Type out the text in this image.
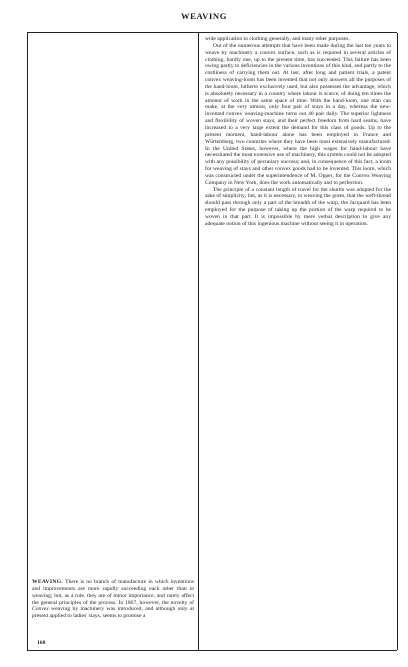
WEAVING

wide application to clothing generally, and many other purposes.

Out of the numerous attempts that have been made during the last ten years to weave by machinery a convex surface, such as is required in several articles of clothing, hardly one, up to the present time, has succeeded. This failure has been owing partly to deficiencies in the various inventions of this kind, and partly to the costliness of carrying them out. At last, after long and patient trials, a patent convex weaving-loom has been invented that not only answers all the purposes of the hand-loom, hitherto exclusively used, but also possesses the advantage, which is absolutely necessary in a country where labour is scarce, of doing ten times the amount of work in the same space of time. With the hand-loom, one man can make, at the very utmost, only four pair of stays in a day, whereas the new-invented convex weaving-machine turns out 40 pair daily. The superior lightness and flexibility of woven stays, and their perfect freedom from hard seams, have increased to a very large extent the demand for this class of goods. Up to the present moment, hand-labour alone has been employed in France and Würtemberg, two countries where they have been most extensively manufactured. In the United States, however, where the high wages for hand-labour have necessitated the most extensive use of machinery, this system could not be adopted with any possibility of pecuniary success; and, in consequence of this fact, a loom for weaving of stays and other convex goods had to be invented. This loom, which was constructed under the superintendence of M. Opper, for the Convex Weaving Company in New York, does the work automatically and to perfection.

The principle of a constant length of travel for the shuttle was adopted for the sake of simplicity; but, as it is necessary, in weaving the gores, that the weft-thread should pass through only a part of the breadth of the warp, the Jacquard has been employed for the purpose of taking up the portion of the warp required to be woven in that part. It is impossible by mere verbal description to give any adequate notion of this ingenious machine without seeing it in operation.

WEAVING. There is no branch of manufacture in which inventions and improvements are more rapidly succeeding each other than in weaving; but, as a rule, they are of minor importance, and rarely affect the general principles of the process. In 1867, however, the novelty of Convex weaving by machinery was introduced, and although only at present applied to ladies' stays, seems to promise a

168
